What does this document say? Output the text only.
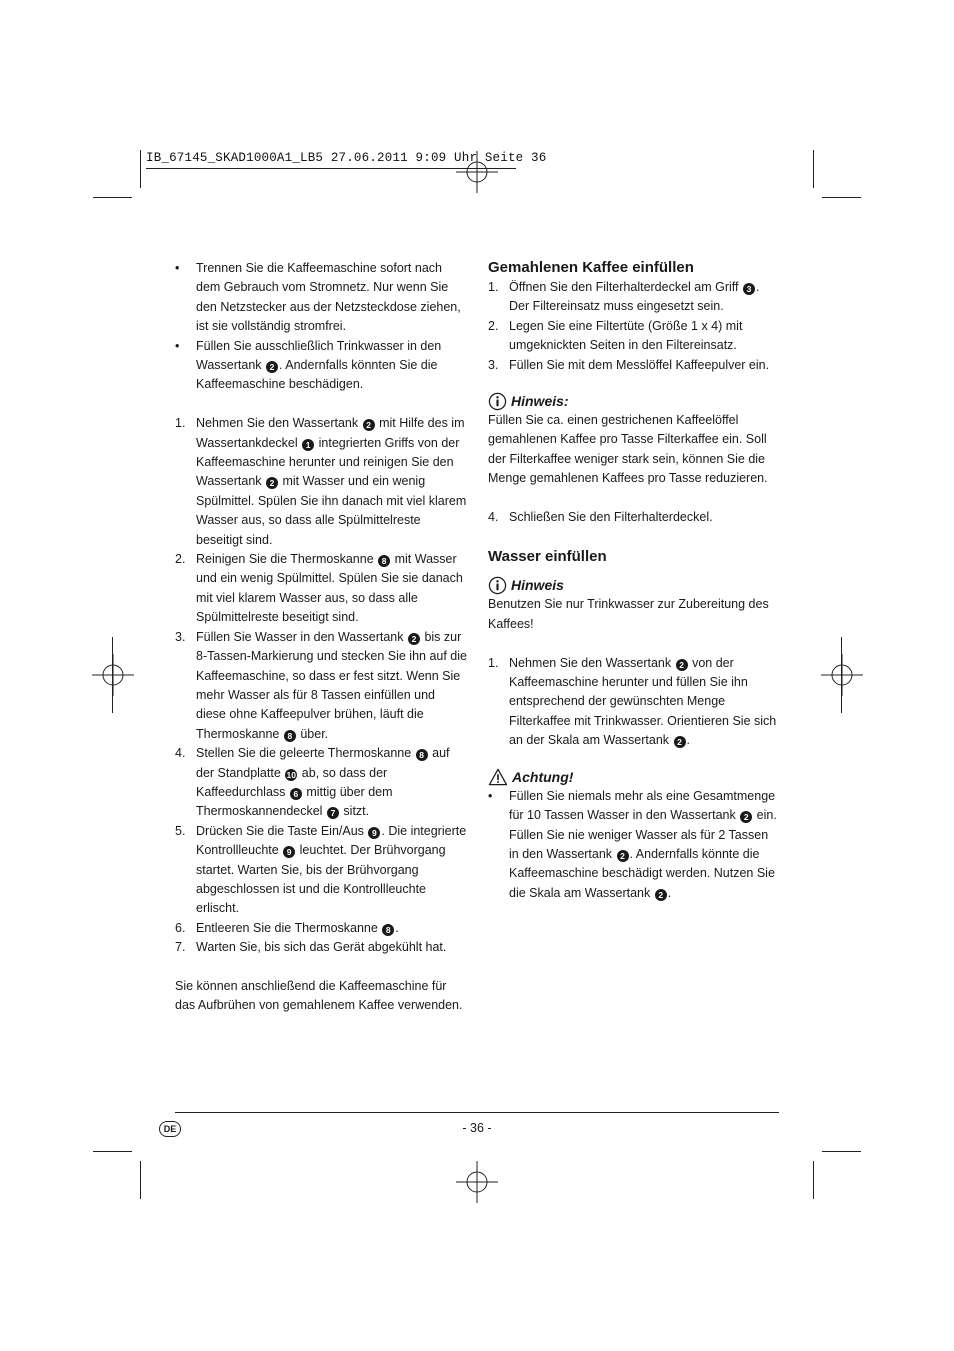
IB_67145_SKAD1000A1_LB5 27.06.2011 9:09 Uhr Seite 36
• Trennen Sie die Kaffeemaschine sofort nach dem Gebrauch vom Stromnetz. Nur wenn Sie den Netzstecker aus der Netzsteckdose ziehen, ist sie vollständig stromfrei.
• Füllen Sie ausschließlich Trinkwasser in den Wassertank 2 . Andernfalls könnten Sie die Kaffeemaschine beschädigen.
1. Nehmen Sie den Wassertank 2 mit Hilfe des im Wassertankdeckel 1 integrierten Griffs von der Kaffeemaschine herunter und reinigen Sie den Wassertank 2 mit Wasser und ein wenig Spülmittel. Spülen Sie ihn danach mit viel klarem Wasser aus, so dass alle Spülmittelreste beseitigt sind.
2. Reinigen Sie die Thermoskanne 8 mit Wasser und ein wenig Spülmittel. Spülen Sie sie danach mit viel klarem Wasser aus, so dass alle Spülmittelreste beseitigt sind.
3. Füllen Sie Wasser in den Wassertank 2 bis zur 8-Tassen-Markierung und stecken Sie ihn auf die Kaffeemaschine, so dass er fest sitzt. Wenn Sie mehr Wasser als für 8 Tassen einfüllen und diese ohne Kaffeepulver brühen, läuft die Thermoskanne 8 über.
4. Stellen Sie die geleerte Thermoskanne 8 auf der Standplatte 10 ab, so dass der Kaffeedurchlass 6 mittig über dem Thermoskannendeckel 7 sitzt.
5. Drücken Sie die Taste Ein/Aus 9 . Die integrierte Kontrollleuchte 9 leuchtet. Der Brühvorgang startet. Warten Sie, bis der Brühvorgang abgeschlossen ist und die Kontrollleuchte erlischt.
6. Entleeren Sie die Thermoskanne 8 .
7. Warten Sie, bis sich das Gerät abgekühlt hat.

Sie können anschließend die Kaffeemaschine für das Aufbrühen von gemahlenem Kaffee verwenden.

Gemahlenen Kaffee einfüllen
1. Öffnen Sie den Filterhalterdeckel am Griff 3 . Der Filtereinsatz muss eingesetzt sein.
2. Legen Sie eine Filtertüte (Größe 1 x 4) mit umgeknickten Seiten in den Filtereinsatz.
3. Füllen Sie mit dem Messlöffel Kaffeepulver ein.
Hinweis:

Füllen Sie ca. einen gestrichenen Kaffeelöffel gemahlenen Kaffee pro Tasse Filterkaffee ein. Soll der Filterkaffee weniger stark sein, können Sie die Menge gemahlenen Kaffees pro Tasse reduzieren.

4. Schließen Sie den Filterhalterdeckel.
Wasser einfüllen
Hinweis

Benutzen Sie nur Trinkwasser zur Zubereitung des Kaffees!

1. Nehmen Sie den Wassertank 2 von der Kaffeemaschine herunter und füllen Sie ihn entsprechend der gewünschten Menge Filterkaffee mit Trinkwasser. Orientieren Sie sich an der Skala am Wassertank 2 .
Achtung!
• Füllen Sie niemals mehr als eine Gesamtmenge für 10 Tassen Wasser in den Wassertank 2 ein.

Füllen Sie nie weniger Wasser als für 2 Tassen in den Wassertank 2 . Andernfalls könnte die Kaffeemaschine beschädigt werden. Nutzen Sie die Skala am Wassertank 2 .

DE	- 36 -
